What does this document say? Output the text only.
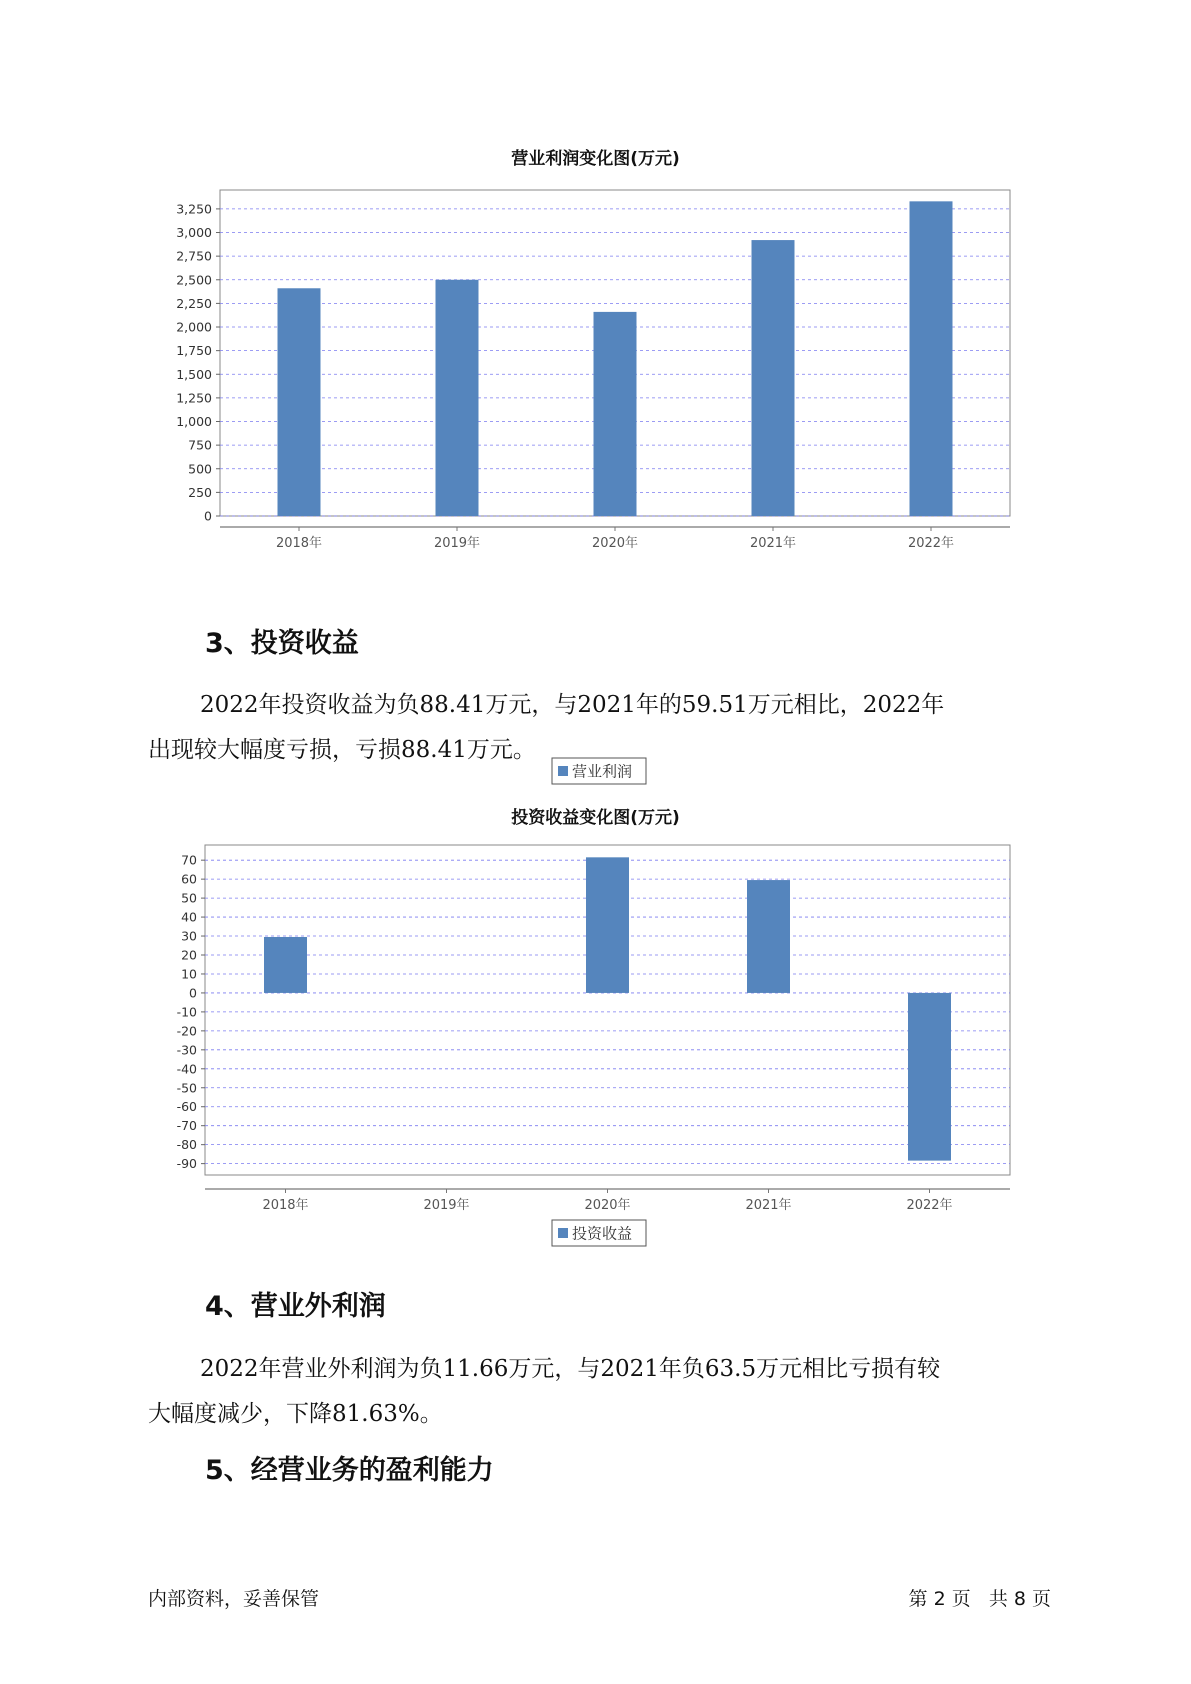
营业利润变化图(万元)
0
250
500
750
1,000
1,250
1,500
1,750
2,000
2,250
2,500
2,750
3,000
3,250
2018年	2019年	2020年	2021年	2022年
营业利润
3、投资收益
2022年投资收益为负88.41万元，与2021年的59.51万元相比，2022年
出现较大幅度亏损，亏损88.41万元。
投资收益变化图(万元)
70
60
50
40
30
20
10
0
-10
-20
-30
-40
-50
-60
-70
-80
-90
2018年	2019年	2020年	2021年	2022年
投资收益
4、营业外利润
2022年营业外利润为负11.66万元，与2021年负63.5万元相比亏损有较
大幅度减少，下降81.63%。
5、经营业务的盈利能力
内部资料，妥善保管	第 2 页   共 8 页
